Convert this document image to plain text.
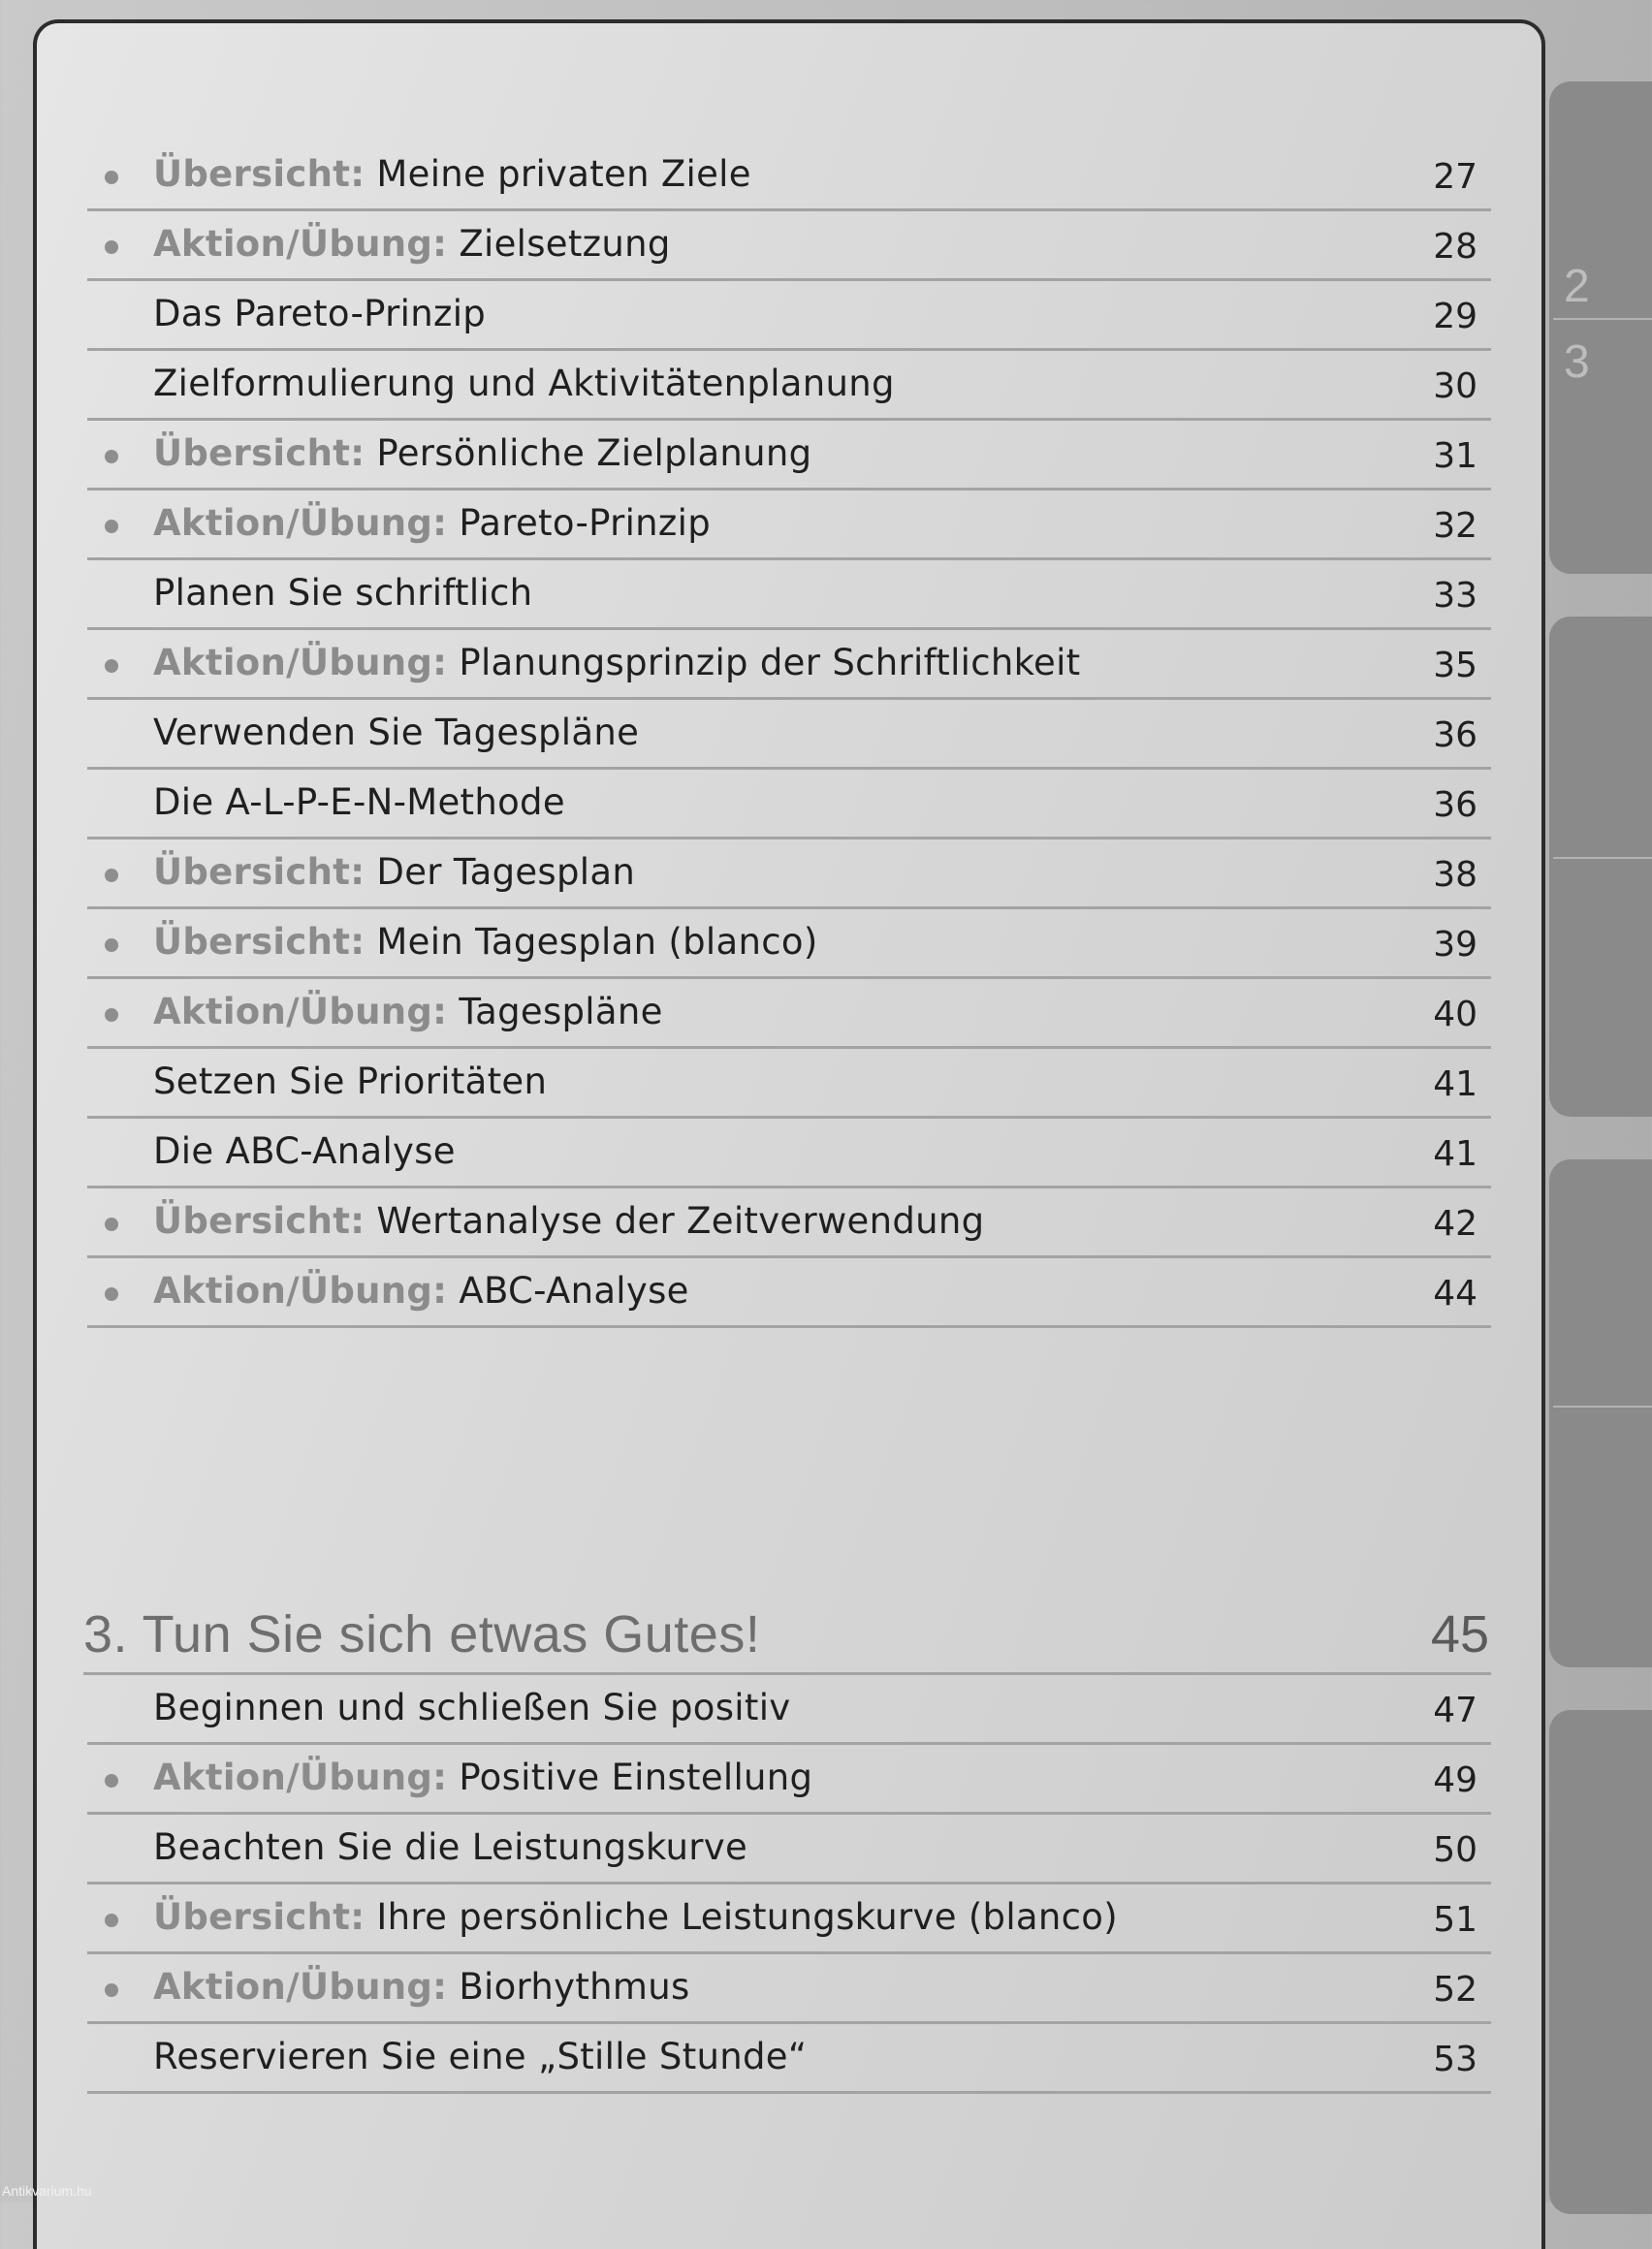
Übersicht: Meine privaten Ziele	27
Aktion/Übung: Zielsetzung	28
Das Pareto-Prinzip	29
Zielformulierung und Aktivitätenplanung	30
Übersicht: Persönliche Zielplanung	31
Aktion/Übung: Pareto-Prinzip	32
Planen Sie schriftlich	33
Aktion/Übung: Planungsprinzip der Schriftlichkeit	35
Verwenden Sie Tagespläne	36
Die A-L-P-E-N-Methode	36
Übersicht: Der Tagesplan	38
Übersicht: Mein Tagesplan (blanco)	39
Aktion/Übung: Tagespläne	40
Setzen Sie Prioritäten	41
Die ABC-Analyse	41
Übersicht: Wertanalyse der Zeitverwendung	42
Aktion/Übung: ABC-Analyse	44
3. Tun Sie sich etwas Gutes!	45
Beginnen und schließen Sie positiv	47
Aktion/Übung: Positive Einstellung	49
Beachten Sie die Leistungskurve	50
Übersicht: Ihre persönliche Leistungskurve (blanco)	51
Aktion/Übung: Biorhythmus	52
Reservieren Sie eine „Stille Stunde“	53
2
3
Antikvarium.hu
